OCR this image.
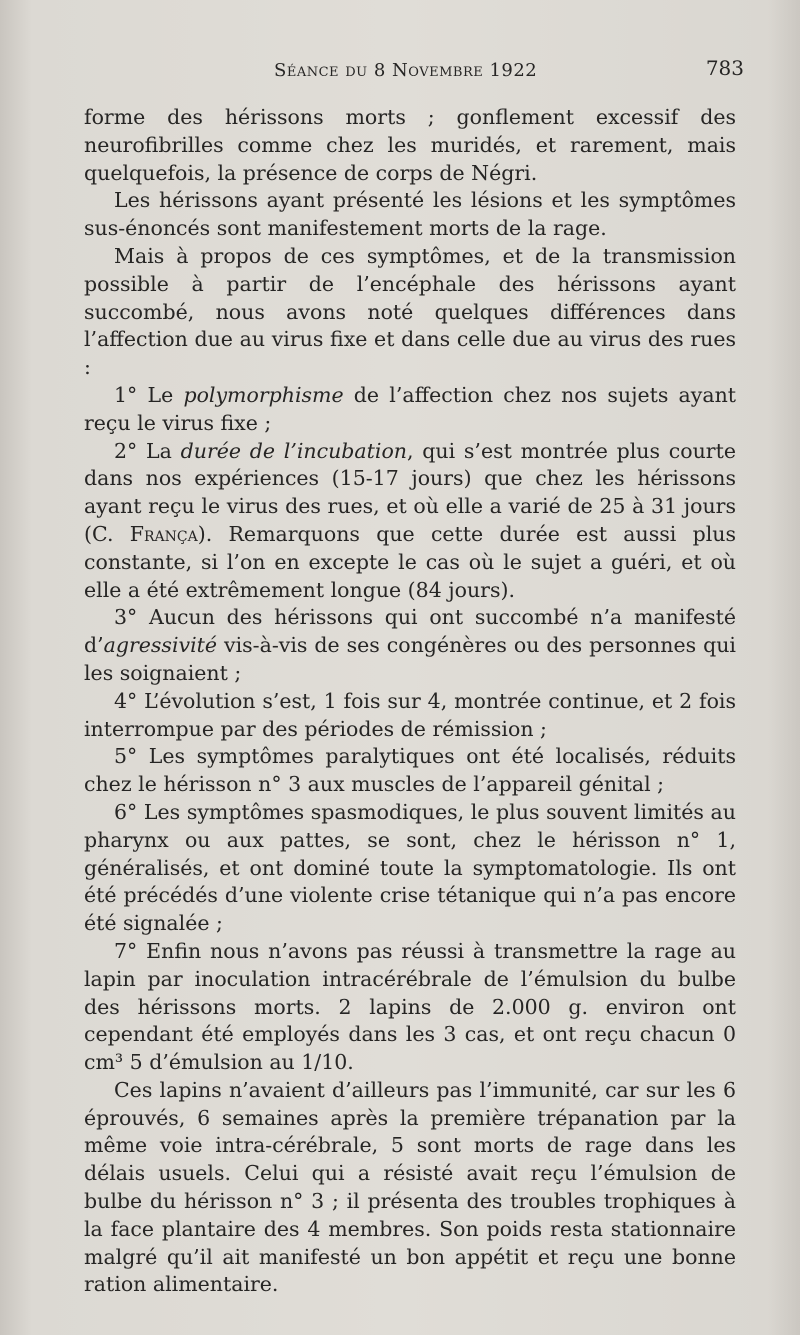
Séance du 8 Novembre 1922	783

forme des hérissons morts ; gonflement excessif des neurofibrilles comme chez les muridés, et rarement, mais quelquefois, la présence de corps de Négri.

Les hérissons ayant présenté les lésions et les symptômes sus-énoncés sont manifestement morts de la rage.

Mais à propos de ces symptômes, et de la transmission possible à partir de l’encéphale des hérissons ayant succombé, nous avons noté quelques différences dans l’affection due au virus fixe et dans celle due au virus des rues :

1° Le polymorphisme de l’affection chez nos sujets ayant reçu le virus fixe ;

2° La durée de l’incubation, qui s’est montrée plus courte dans nos expériences (15-17 jours) que chez les hérissons ayant reçu le virus des rues, et où elle a varié de 25 à 31 jours (C. França). Remarquons que cette durée est aussi plus constante, si l’on en excepte le cas où le sujet a guéri, et où elle a été extrêmement longue (84 jours).

3° Aucun des hérissons qui ont succombé n’a manifesté d’agressivité vis-à-vis de ses congénères ou des personnes qui les soignaient ;

4° L’évolution s’est, 1 fois sur 4, montrée continue, et 2 fois interrompue par des périodes de rémission ;

5° Les symptômes paralytiques ont été localisés, réduits chez le hérisson n° 3 aux muscles de l’appareil génital ;

6° Les symptômes spasmodiques, le plus souvent limités au pharynx ou aux pattes, se sont, chez le hérisson n° 1, généralisés, et ont dominé toute la symptomatologie. Ils ont été précédés d’une violente crise tétanique qui n’a pas encore été signalée ;

7° Enfin nous n’avons pas réussi à transmettre la rage au lapin par inoculation intracérébrale de l’émulsion du bulbe des hérissons morts. 2 lapins de 2.000 g. environ ont cependant été employés dans les 3 cas, et ont reçu chacun 0 cm³ 5 d’émulsion au 1/10.

Ces lapins n’avaient d’ailleurs pas l’immunité, car sur les 6 éprouvés, 6 semaines après la première trépanation par la même voie intra-cérébrale, 5 sont morts de rage dans les délais usuels. Celui qui a résisté avait reçu l’émulsion de bulbe du hérisson n° 3 ; il présenta des troubles trophiques à la face plantaire des 4 membres. Son poids resta stationnaire malgré qu’il ait manifesté un bon appétit et reçu une bonne ration alimentaire.
